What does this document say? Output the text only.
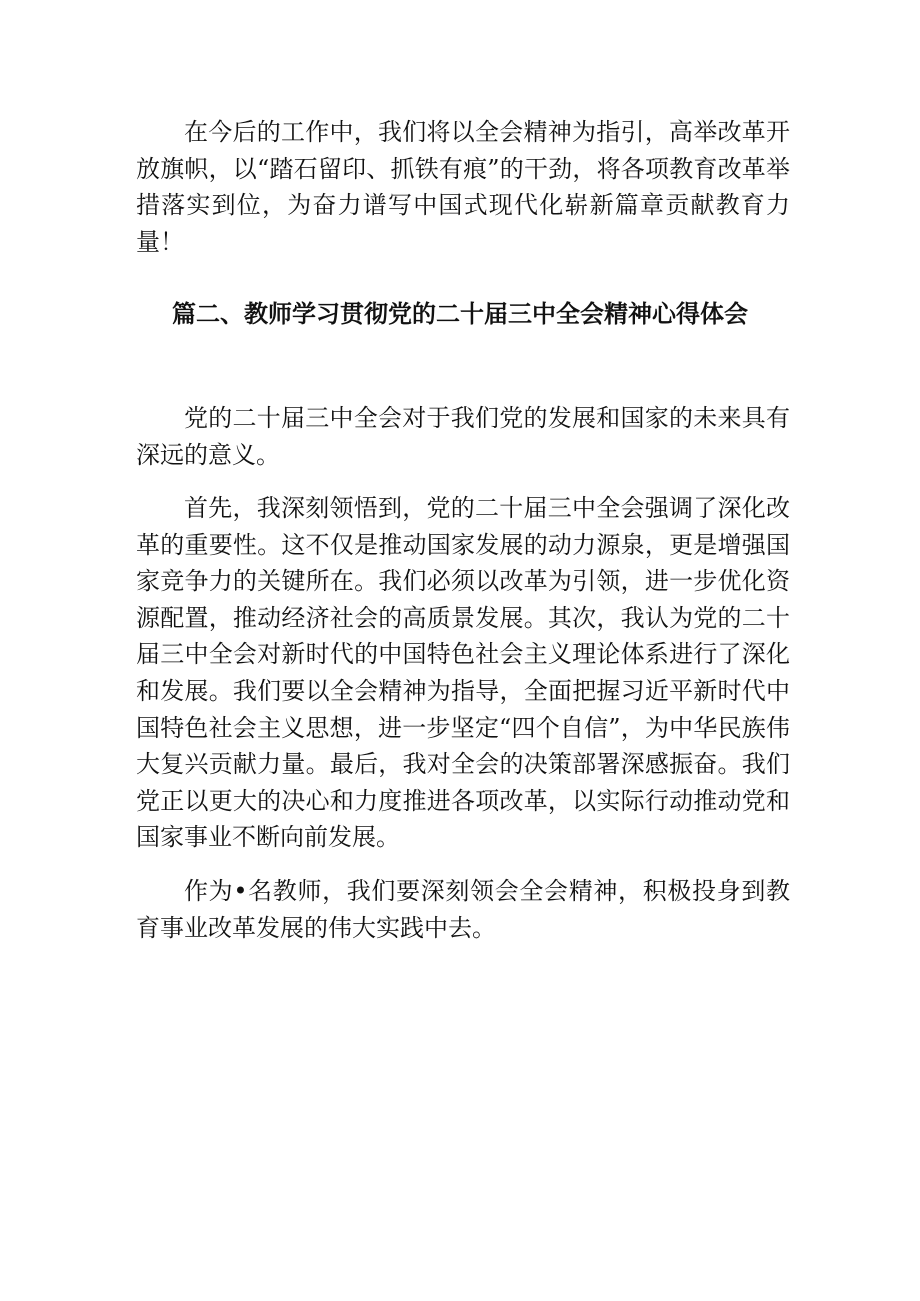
在今后的工作中，我们将以全会精神为指引，高举改革开放旗帜，以“踏石留印、抓铁有痕”的干劲，将各项教育改革举措落实到位，为奋力谱写中国式现代化崭新篇章贡献教育力量！

篇二、教师学习贯彻党的二十届三中全会精神心得体会

党的二十届三中全会对于我们党的发展和国家的未来具有深远的意义。

首先，我深刻领悟到，党的二十届三中全会强调了深化改革的重要性。这不仅是推动国家发展的动力源泉，更是增强国家竞争力的关键所在。我们必须以改革为引领，进一步优化资源配置，推动经济社会的高质景发展。其次，我认为党的二十届三中全会对新时代的中国特色社会主义理论体系进行了深化和发展。我们要以全会精神为指导，全面把握习近平新时代中国特色社会主义思想，进一步坚定“四个自信”，为中华民族伟大复兴贡献力量。最后，我对全会的决策部署深感振奋。我们党正以更大的决心和力度推进各项改革，以实际行动推动党和国家事业不断向前发展。

作为•名教师，我们要深刻领会全会精神，积极投身到教育事业改革发展的伟大实践中去。
